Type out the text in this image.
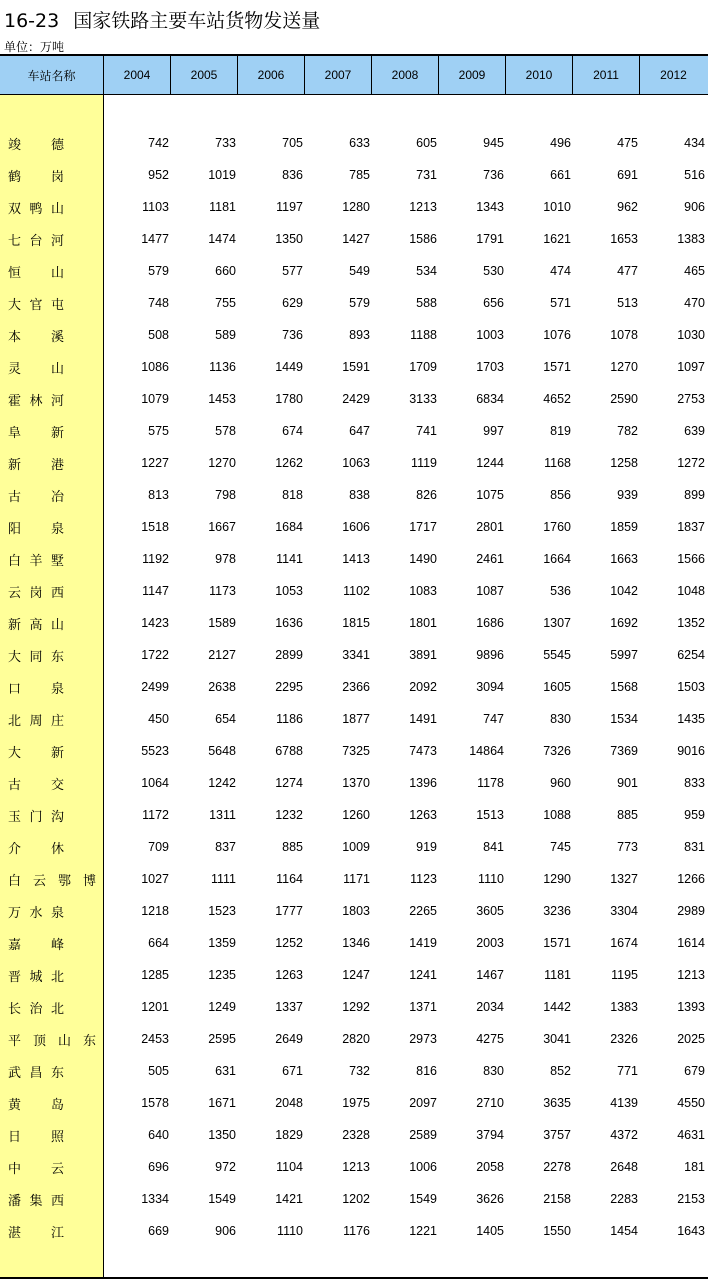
16-23 国家铁路主要车站货物发送量
单位：万吨
车站名称	2004	2005	2006	2007	2008	2009	2010	2011	2012
竣 德	742	733	705	633	605	945	496	475	434
鹤 岗	952	1019	836	785	731	736	661	691	516
双 鸭 山	1103	1181	1197	1280	1213	1343	1010	962	906
七 台 河	1477	1474	1350	1427	1586	1791	1621	1653	1383
恒 山	579	660	577	549	534	530	474	477	465
大 官 屯	748	755	629	579	588	656	571	513	470
本 溪	508	589	736	893	1188	1003	1076	1078	1030
灵 山	1086	1136	1449	1591	1709	1703	1571	1270	1097
霍 林 河	1079	1453	1780	2429	3133	6834	4652	2590	2753
阜 新	575	578	674	647	741	997	819	782	639
新 港	1227	1270	1262	1063	1119	1244	1168	1258	1272
古 冶	813	798	818	838	826	1075	856	939	899
阳 泉	1518	1667	1684	1606	1717	2801	1760	1859	1837
白 羊 墅	1192	978	1141	1413	1490	2461	1664	1663	1566
云 岗 西	1147	1173	1053	1102	1083	1087	536	1042	1048
新 高 山	1423	1589	1636	1815	1801	1686	1307	1692	1352
大 同 东	1722	2127	2899	3341	3891	9896	5545	5997	6254
口 泉	2499	2638	2295	2366	2092	3094	1605	1568	1503
北 周 庄	450	654	1186	1877	1491	747	830	1534	1435
大 新	5523	5648	6788	7325	7473	14864	7326	7369	9016
古 交	1064	1242	1274	1370	1396	1178	960	901	833
玉 门 沟	1172	1311	1232	1260	1263	1513	1088	885	959
介 休	709	837	885	1009	919	841	745	773	831
白 云 鄂 博	1027	1111	1164	1171	1123	1110	1290	1327	1266
万 水 泉	1218	1523	1777	1803	2265	3605	3236	3304	2989
嘉 峰	664	1359	1252	1346	1419	2003	1571	1674	1614
晋 城 北	1285	1235	1263	1247	1241	1467	1181	1195	1213
长 治 北	1201	1249	1337	1292	1371	2034	1442	1383	1393
平 顶 山 东	2453	2595	2649	2820	2973	4275	3041	2326	2025
武 昌 东	505	631	671	732	816	830	852	771	679
黄 岛	1578	1671	2048	1975	2097	2710	3635	4139	4550
日 照	640	1350	1829	2328	2589	3794	3757	4372	4631
中 云	696	972	1104	1213	1006	2058	2278	2648	181
潘 集 西	1334	1549	1421	1202	1549	3626	2158	2283	2153
湛 江	669	906	1110	1176	1221	1405	1550	1454	1643
